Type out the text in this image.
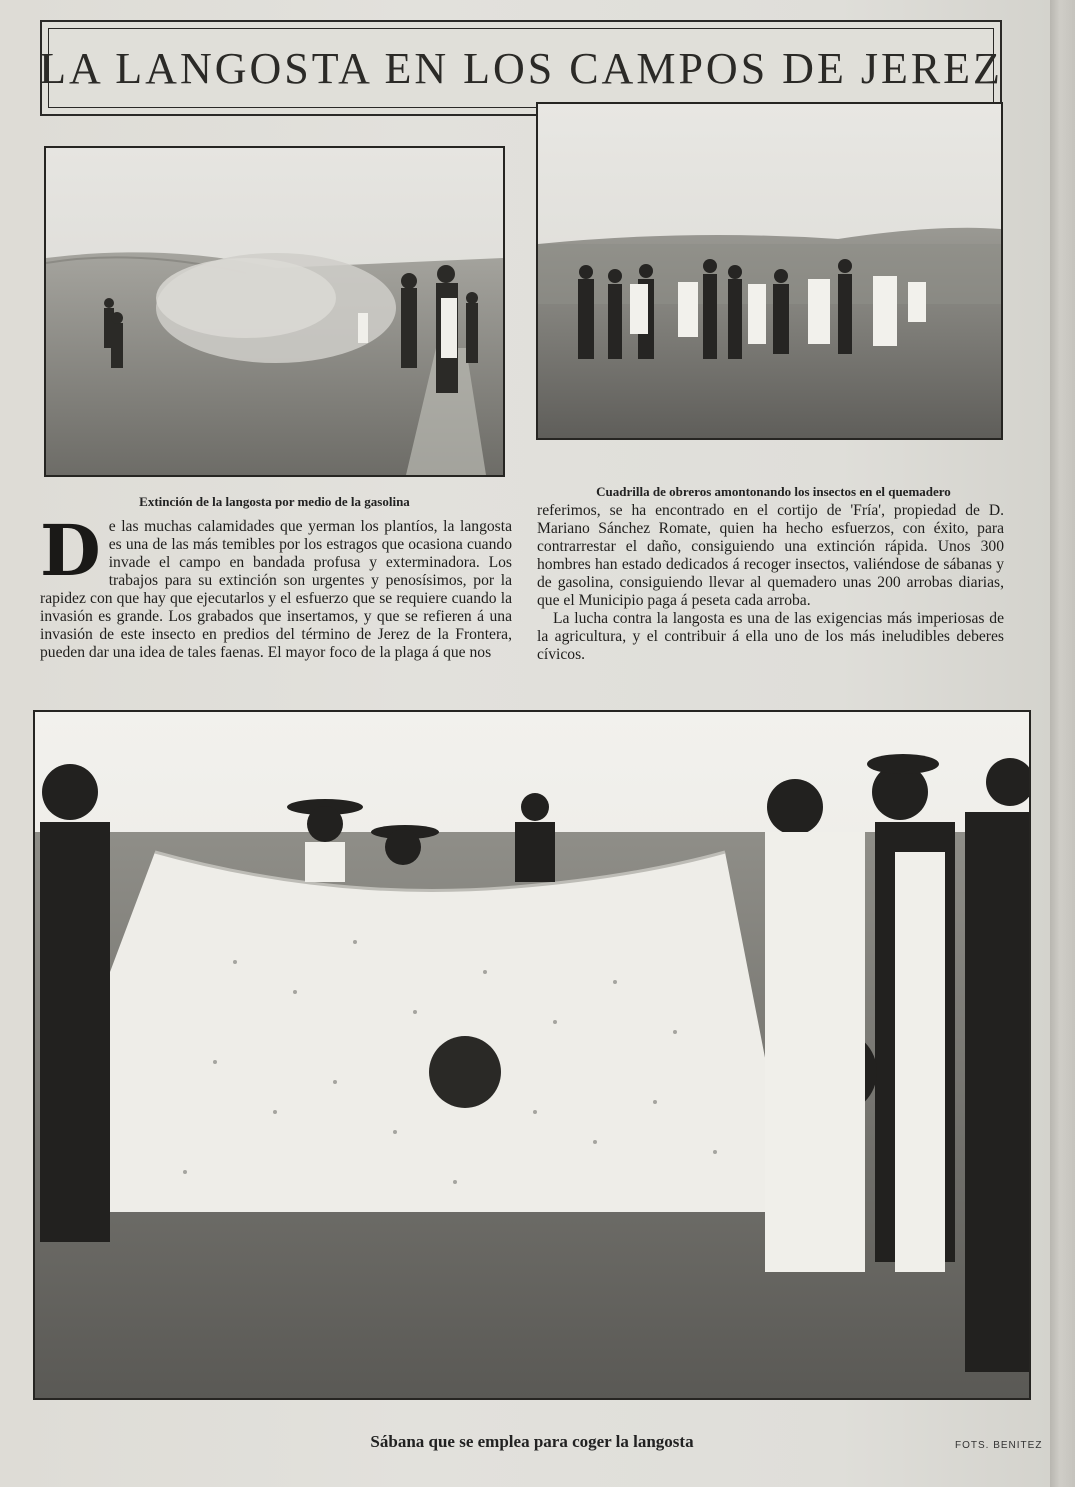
LA LANGOSTA EN LOS CAMPOS DE JEREZ
Extinción de la langosta por medio de la gasolina
Cuadrilla de obreros amontonando los insectos en el quemadero
De las muchas calamidades que yerman los plantíos, la langosta es una de las más temibles por los estragos que ocasiona cuando invade el campo en bandada profusa y exterminadora. Los trabajos para su extinción son urgentes y penosísimos, por la rapidez con que hay que ejecutarlos y el esfuerzo que se requiere cuando la invasión es grande. Los grabados que insertamos, y que se refieren á una invasión de este insecto en predios del término de Jerez de la Frontera, pueden dar una idea de tales faenas. El mayor foco de la plaga á que nos
referimos, se ha encontrado en el cortijo de 'Fría', propiedad de D. Mariano Sánchez Romate, quien ha hecho esfuerzos, con éxito, para contrarrestar el daño, consiguiendo una extinción rápida. Unos 300 hombres han estado dedicados á recoger insectos, valiéndose de sábanas y de gasolina, consiguiendo llevar al quemadero unas 200 arrobas diarias, que el Municipio paga á peseta cada arroba.
La lucha contra la langosta es una de las exigencias más imperiosas de la agricultura, y el contribuir á ella uno de los más ineludibles deberes cívicos.
Sábana que se emplea para coger la langosta	FOTS. BENITEZ
